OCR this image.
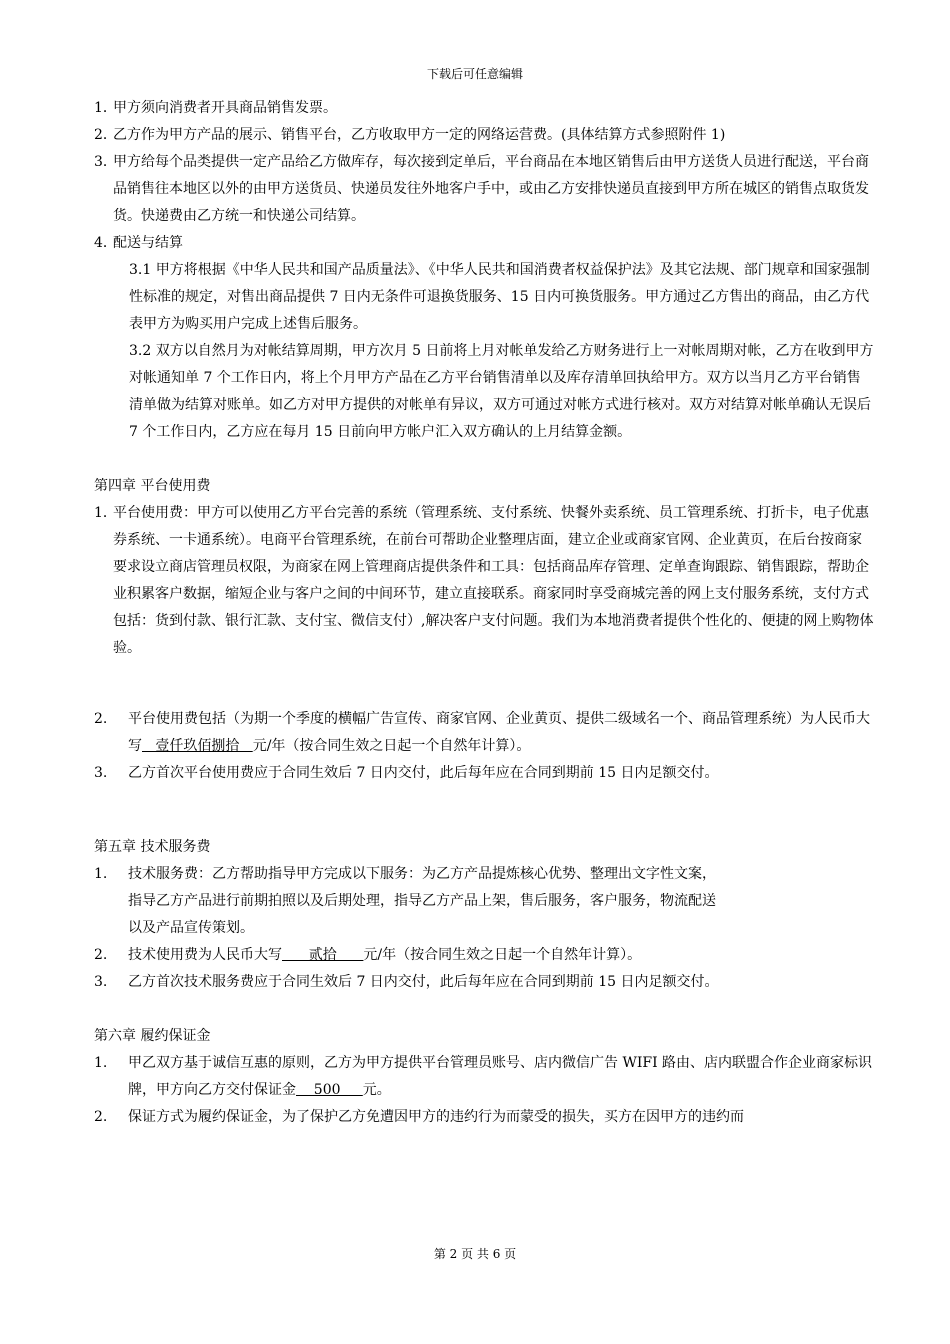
下载后可任意编辑
1．
甲方须向消费者开具商品销售发票。
2．
乙方作为甲方产品的展示、销售平台，乙方收取甲方一定的网络运营费。(具体结算方式参照附件 1)
3．
甲方给每个品类提供一定产品给乙方做库存，每次接到定单后，平台商品在本地区销售后由甲方送货人员进行配送，平台商品销售往本地区以外的由甲方送货员、快递员发往外地客户手中，或由乙方安排快递员直接到甲方所在城区的销售点取货发货。快递费由乙方统一和快递公司结算。
4．
配送与结算
3.1 甲方将根据《中华人民共和国产品质量法》、《中华人民共和国消费者权益保护法》及其它法规、部门规章和国家强制性标准的规定，对售出商品提供 7 日内无条件可退换货服务、15 日内可换货服务。甲方通过乙方售出的商品，由乙方代表甲方为购买用户完成上述售后服务。
3.2 双方以自然月为对帐结算周期，甲方次月 5 日前将上月对帐单发给乙方财务进行上一对帐周期对帐，乙方在收到甲方对帐通知单 7 个工作日内，将上个月甲方产品在乙方平台销售清单以及库存清单回执给甲方。双方以当月乙方平台销售清单做为结算对账单。如乙方对甲方提供的对帐单有异议，双方可通过对帐方式进行核对。双方对结算对帐单确认无误后 7 个工作日内，乙方应在每月 15 日前向甲方帐户汇入双方确认的上月结算金额。
第四章 平台使用费
1．
平台使用费：甲方可以使用乙方平台完善的系统（管理系统、支付系统、快餐外卖系统、员工管理系统、打折卡，电子优惠券系统、一卡通系统）。电商平台管理系统，在前台可帮助企业整理店面，建立企业或商家官网、企业黄页，在后台按商家要求设立商店管理员权限，为商家在网上管理商店提供条件和工具：包括商品库存管理、定单查询跟踪、销售跟踪，帮助企业积累客户数据，缩短企业与客户之间的中间环节，建立直接联系。商家同时享受商城完善的网上支付服务系统，支付方式包括：货到付款、银行汇款、支付宝、微信支付）,解决客户支付问题。我们为本地消费者提供个性化的、便捷的网上购物体验。
2.	平台使用费包括（为期一个季度的横幅广告宣传、商家官网、企业黄页、提供二级域名一个、商品管理系统）为人民币大写   壹仟玖佰捌拾   元/年（按合同生效之日起一个自然年计算）。
3.	乙方首次平台使用费应于合同生效后 7 日内交付，此后每年应在合同到期前 15 日内足额交付。
第五章 技术服务费
1.	技术服务费：乙方帮助指导甲方完成以下服务：为乙方产品提炼核心优势、整理出文字性文案，
指导乙方产品进行前期拍照以及后期处理，指导乙方产品上架，售后服务，客户服务，物流配送
以及产品宣传策划。
2.	技术使用费为人民币大写      贰拾      元/年（按合同生效之日起一个自然年计算）。
3.	乙方首次技术服务费应于合同生效后 7 日内交付，此后每年应在合同到期前 15 日内足额交付。
第六章 履约保证金
1.	甲乙双方基于诚信互惠的原则，乙方为甲方提供平台管理员账号、店内微信广告 WIFI 路由、店内联盟合作企业商家标识牌，甲方向乙方交付保证金    500     元。
2.	保证方式为履约保证金，为了保护乙方免遭因甲方的违约行为而蒙受的损失，买方在因甲方的违约而
第 2 页 共 6 页
